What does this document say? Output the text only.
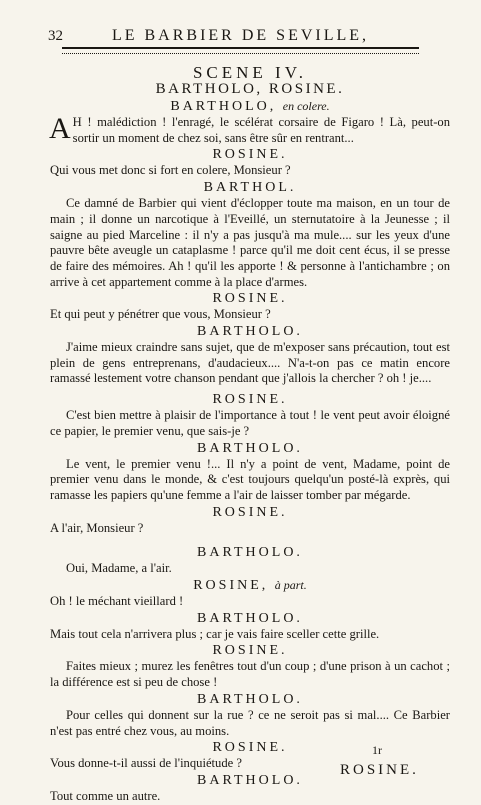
32	LE BARBIER DE SEVILLE,
SCENE IV.
BARTHOLO, ROSINE.
BARTHOLO, en colere.
A H ! malédiction ! l'enragé, le scélérat corsaire de Figaro ! Là, peut-on sortir un moment de chez soi, sans être sûr en rentrant...
ROSINE.
Qui vous met donc si fort en colere, Monsieur ?
BARTHOL.
Ce damné de Barbier qui vient d'éclopper toute ma maison, en un tour de main ; il donne un narcotique à l'Eveillé, un sternutatoire à la Jeunesse ; il saigne au pied Marceline : il n'y a pas jusqu'à ma mule.... sur les yeux d'une pauvre bête aveugle un cataplasme ! parce qu'il me doit cent écus, il se presse de faire des mémoires. Ah ! qu'il les apporte ! & personne à l'antichambre ; on arrive à cet appartement comme à la place d'armes.
ROSINE.
Et qui peut y pénétrer que vous, Monsieur ?
BARTHOLO.
J'aime mieux craindre sans sujet, que de m'exposer sans précaution, tout est plein de gens entreprenans, d'audacieux.... N'a-t-on pas ce matin encore ramassé lestement votre chanson pendant que j'allois la chercher ? oh ! je....
ROSINE.
C'est bien mettre à plaisir de l'importance à tout ! le vent peut avoir éloigné ce papier, le premier venu, que sais-je ?
BARTHOLO.
Le vent, le premier venu !... Il n'y a point de vent, Madame, point de premier venu dans le monde, & c'est toujours quelqu'un posté-là exprès, qui ramasse les papiers qu'une femme a l'air de laisser tomber par mégarde.
ROSINE.
A l'air, Monsieur ?
BARTHOLO.
Oui, Madame, a l'air.
ROSINE, à part.
Oh ! le méchant vieillard !
BARTHOLO.
Mais tout cela n'arrivera plus ; car je vais faire sceller cette grille.
ROSINE.
Faites mieux ; murez les fenêtres tout d'un coup ; d'une prison à un cachot ; la différence est si peu de chose !
BARTHOLO.
Pour celles qui donnent sur la rue ? ce ne seroit pas si mal.... Ce Barbier n'est pas entré chez vous, au moins.
ROSINE.
Vous donne-t-il aussi de l'inquiétude ?
BARTHOLO.
Tout comme un autre.
1r
ROSINE.
